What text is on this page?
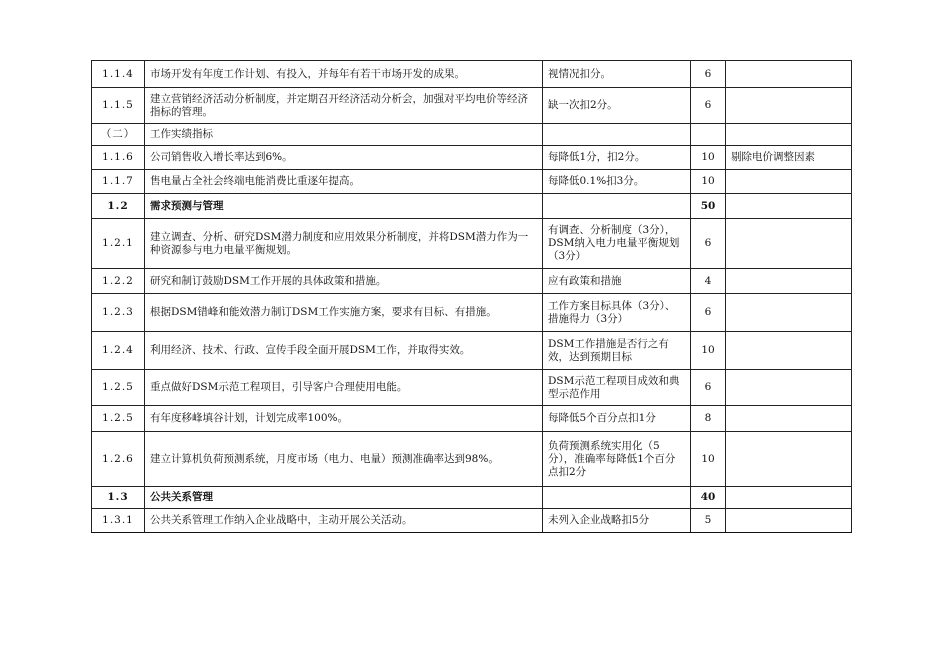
1.1.4	市场开发有年度工作计划、有投入，并每年有若干市场开发的成果。	视情况扣分。	6	
1.1.5	建立营销经济活动分析制度，并定期召开经济活动分析会，加强对平均电价等经济指标的管理。	缺一次扣2分。	6	
（二）	工作实绩指标			
1.1.6	公司销售收入增长率达到6%。	每降低1分，扣2分。	10	剔除电价调整因素
1.1.7	售电量占全社会终端电能消费比重逐年提高。	每降低0.1%扣3分。	10	
1.2	需求预测与管理		50	
1.2.1	建立调查、分析、研究DSM潜力制度和应用效果分析制度，并将DSM潜力作为一种资源参与电力电量平衡规划。	有调查、分析制度（3分），DSM纳入电力电量平衡规划（3分）	6	
1.2.2	研究和制订鼓励DSM工作开展的具体政策和措施。	应有政策和措施	4	
1.2.3	根据DSM错峰和能效潜力制订DSM工作实施方案，要求有目标、有措施。	工作方案目标具体（3分）、措施得力（3分）	6	
1.2.4	利用经济、技术、行政、宣传手段全面开展DSM工作，并取得实效。	DSM工作措施是否行之有效，达到预期目标	10	
1.2.5	重点做好DSM示范工程项目，引导客户合理使用电能。	DSM示范工程项目成效和典型示范作用	6	
1.2.5	有年度移峰填谷计划，计划完成率100%。	每降低5个百分点扣1分	8	
1.2.6	建立计算机负荷预测系统，月度市场（电力、电量）预测准确率达到98%。	负荷预测系统实用化（5分），准确率每降低1个百分点扣2分	10	
1.3	公共关系管理		40	
1.3.1	公共关系管理工作纳入企业战略中，主动开展公关活动。	未列入企业战略扣5分	5	
